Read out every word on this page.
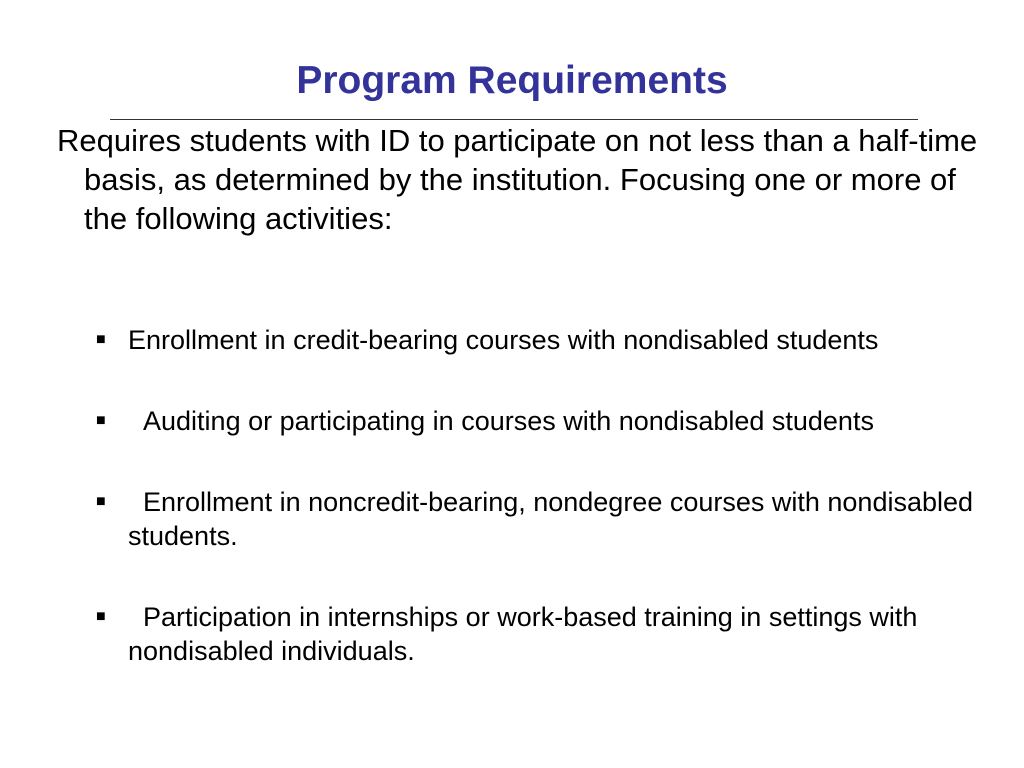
Program Requirements

Requires students with ID to participate on not less than a half-time basis, as determined by the institution. Focusing one or more of the following activities:

■ Enrollment in credit-bearing courses with nondisabled students
■ Auditing or participating in courses with nondisabled students
■ Enrollment in noncredit-bearing, nondegree courses with nondisabled students.
■ Participation in internships or work-based training in settings with nondisabled individuals.
